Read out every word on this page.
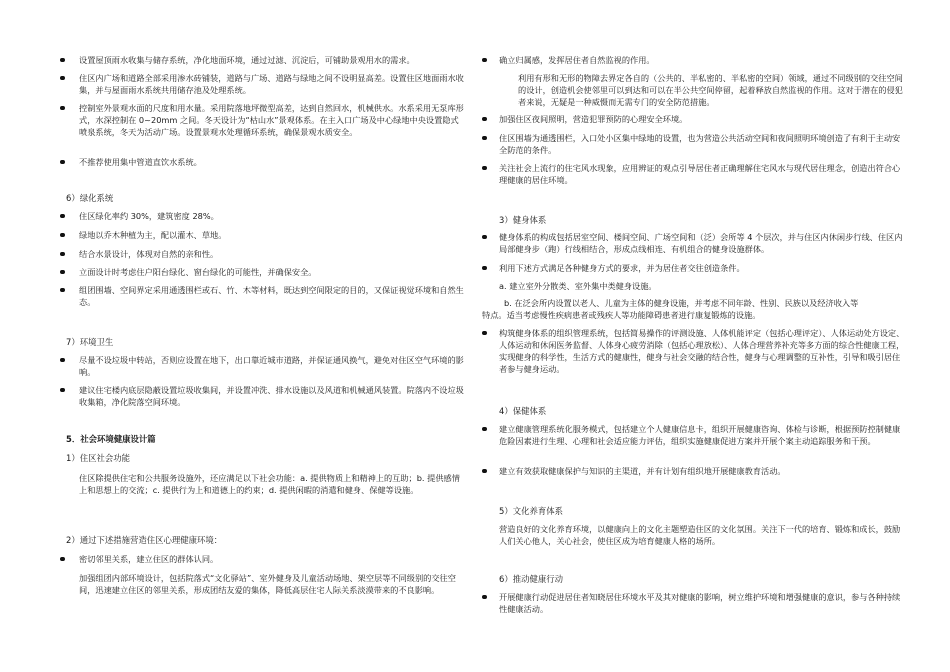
设置屋顶雨水收集与储存系统，净化地面环境，通过过滤、沉淀后，可铺助景观用水的需求。
住区内广场和道路全部采用渗水砖铺装，道路与广场、道路与绿地之间不设明显高差。设置住区地面雨水收集，并与屋面雨水系统共用储存池及处理系统。
控制室外景观水面的尺度和用水量。采用院落地坪微型高差，达到自然回水，机械供水。水系采用无泵库形式，水深控制在 0~20mm 之间。冬天设计为“枯山水”景观体系。在主入口广场及中心绿地中央设置隐式喷泉系统，冬天为活动广场。设置景观水处理循环系统，确保景观水质安全。
不推荐使用集中管道直饮水系统。
6）绿化系统
住区绿化率约 30%，建筑密度 28%。
绿地以乔木种植为主，配以灌木、草地。
结合水景设计，体现对自然的亲和性。
立面设计时考虑住户阳台绿化、窗台绿化的可能性，并确保安全。
组团围墙、空间界定采用通透围栏或石、竹、木等材料，既达到空间限定的目的，又保证视觉环境和自然生态。
7）环境卫生
尽量不设垃圾中转站，否则应设置在地下，出口靠近城市道路，并保证通风换气，避免对住区空气环境的影响。
建议住宅楼内底层隐蔽设置垃圾收集间，并设置冲洗、排水设施以及风道和机械通风装置。院落内不设垃圾收集箱，净化院落空间环境。
5．社会环境健康设计篇
1）住区社会功能
住区除提供住宅和公共服务设施外，还应满足以下社会功能：a. 提供物质上和精神上的互助；b. 提供感情上和思想上的交流；c. 提供行为上和道德上的约束；d. 提供闲暇的消遣和健身、保健等设施。
2）通过下述措施营造住区心理健康环境：
密切邻里关系，建立住区的群体认同。
加强组团内部环境设计，包括院落式“文化驿站”、室外健身及儿童活动场地、架空层等不同级别的交往空间，迅速建立住区的邻里关系，形成团结友爱的集体，降低高层住宅人际关系淡漠带来的不良影响。
确立归属感，发挥居住者自然监视的作用。
利用有形和无形的物障去界定各自的（公共的、半私密的、半私密的空间）领域，通过不同级别的交往空间的设计，创造机会使邻里可以到达和可以在半公共空间停留，起着释放自然监视的作用。这对于潜在的侵犯者来说，无疑是一种威慑而无需专门的安全防范措施。
加强住区夜间照明，营造犯罪预防的心理安全环境。
住区围墙为通透围栏，入口处小区集中绿地的设置，也为营造公共活动空间和夜间照明环境创造了有利于主动安全防范的条件。
关注社会上流行的住宅风水现象，应用辨证的观点引导居住者正确理解住宅风水与现代居住理念，创造出符合心理健康的居住环境。
3）健身体系
健身体系的构成包括居室空间、楼间空间、广场空间和（泛）会所等 4 个层次，并与住区内休闲步行线、住区内局部健身步（跑）行线相结合，形成点线相连、有机组合的健身设施群体。
利用下述方式满足各种健身方式的要求，并为居住者交往创造条件。
a. 建立室外分散类、室外集中类健身设施。
b. 在泛会所内设置以老人、儿童为主体的健身设施，并考虑不同年龄、性别、民族以及经济收入等
特点。适当考虑慢性疾病患者或残疾人等功能障碍患者进行康复锻炼的设施。
构筑健身体系的组织管理系统，包括简易操作的评测设施、人体机能评定（包括心理评定）、人体运动处方设定、人体运动和休闲医务监督、人体身心疲劳消除（包括心理放松）、人体合理营养补充等多方面的综合性健康工程，实现健身的科学性，生活方式的健康性，健身与社会交融的结合性，健身与心理调整的互补性，引导和吸引居住者参与健身运动。
4）保健体系
建立健康管理系统化服务模式，包括建立个人健康信息卡，组织开展健康咨询、体检与诊断，根据预防控制健康危险因素进行生理、心理和社会适应能力评估，组织实施健康促进方案并开展个案主动追踪服务和干预。
建立有效获取健康保护与知识的主渠道，并有计划有组织地开展健康教育活动。
5）文化养育体系
营造良好的文化养育环境，以健康向上的文化主题塑造住区的文化氛围。关注下一代的培育、锻炼和成长，鼓励人们关心他人，关心社会，使住区成为培育健康人格的场所。
6）推动健康行动
开展健康行动促进居住者知晓居住环境水平及其对健康的影响，树立维护环境和增强健康的意识，参与各种持续性健康活动。
